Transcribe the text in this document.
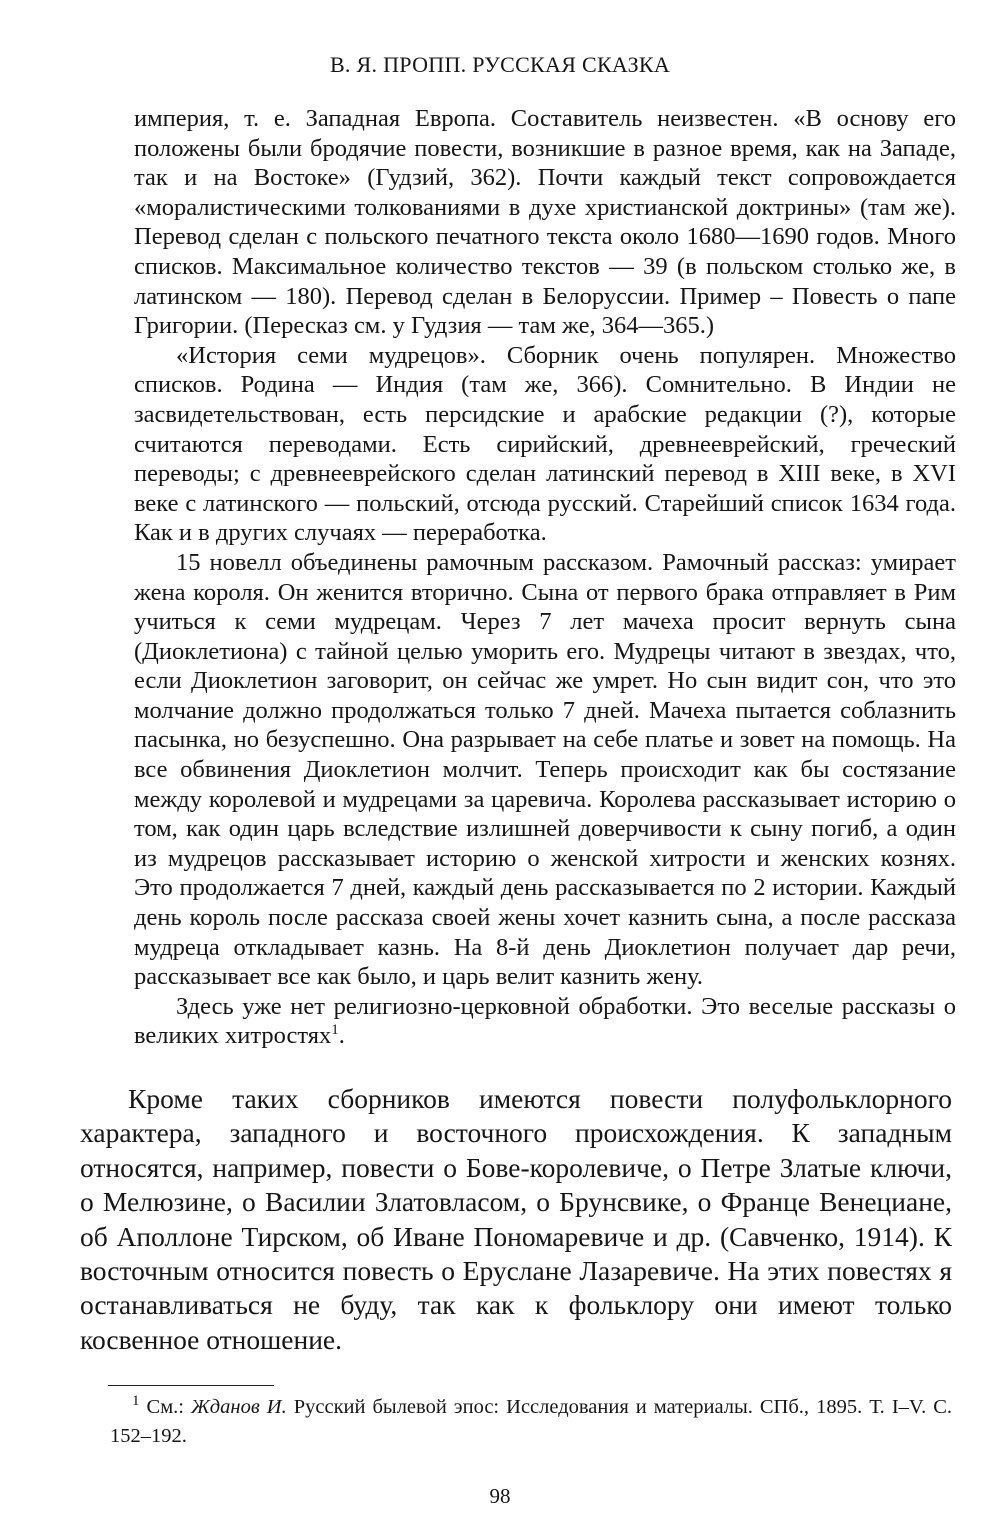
В. Я. ПРОПП. РУССКАЯ СКАЗКА

империя, т. е. Западная Европа. Составитель неизвестен. «В основу его положены были бродячие повести, возникшие в разное время, как на Западе, так и на Востоке» (Гудзий, 362). Почти каждый текст сопровождается «моралистическими толкованиями в духе христианской доктрины» (там же). Перевод сделан с польского печатного текста около 1680—1690 годов. Много списков. Максимальное количество текстов — 39 (в польском столько же, в латинском — 180). Перевод сделан в Белоруссии. Пример – Повесть о папе Григории. (Пересказ см. у Гудзия — там же, 364—365.)

«История семи мудрецов». Сборник очень популярен. Множество списков. Родина — Индия (там же, 366). Сомнительно. В Индии не засвидетельствован, есть персидские и арабские редакции (?), которые считаются переводами. Есть сирийский, древнееврейский, греческий переводы; с древнееврейского сделан латинский перевод в XIII веке, в XVI веке с латинского — польский, отсюда русский. Старейший список 1634 года. Как и в других случаях — переработка.

15 новелл объединены рамочным рассказом. Рамочный рассказ: умирает жена короля. Он женится вторично. Сына от первого брака отправляет в Рим учиться к семи мудрецам. Через 7 лет мачеха просит вернуть сына (Диоклетиона) с тайной целью уморить его. Мудрецы читают в звездах, что, если Диоклетион заговорит, он сейчас же умрет. Но сын видит сон, что это молчание должно продолжаться только 7 дней. Мачеха пытается соблазнить пасынка, но безуспешно. Она разрывает на себе платье и зовет на помощь. На все обвинения Диоклетион молчит. Теперь происходит как бы состязание между королевой и мудрецами за царевича. Королева рассказывает историю о том, как один царь вследствие излишней доверчивости к сыну погиб, а один из мудрецов рассказывает историю о женской хитрости и женских кознях. Это продолжается 7 дней, каждый день рассказывается по 2 истории. Каждый день король после рассказа своей жены хочет казнить сына, а после рассказа мудреца откладывает казнь. На 8-й день Диоклетион получает дар речи, рассказывает все как было, и царь велит казнить жену.

Здесь уже нет религиозно-церковной обработки. Это веселые рассказы о великих хитростях$^1$.

Кроме таких сборников имеются повести полуфольклорного характера, западного и восточного происхождения. К западным относятся, например, повести о Бове-королевиче, о Петре Златые ключи, о Мелюзине, о Василии Златовласом, о Брунсвике, о Франце Венециане, об Аполлоне Тирском, об Иване Пономаревиче и др. (Савченко, 1914). К восточным относится повесть о Еруслане Лазаревиче. На этих повестях я останавливаться не буду, так как к фольклору они имеют только косвенное отношение.

$^1$ См.: Жданов И. Русский былевой эпос: Исследования и материалы. СПб., 1895. Т. I–V. С. 152–192.

98
